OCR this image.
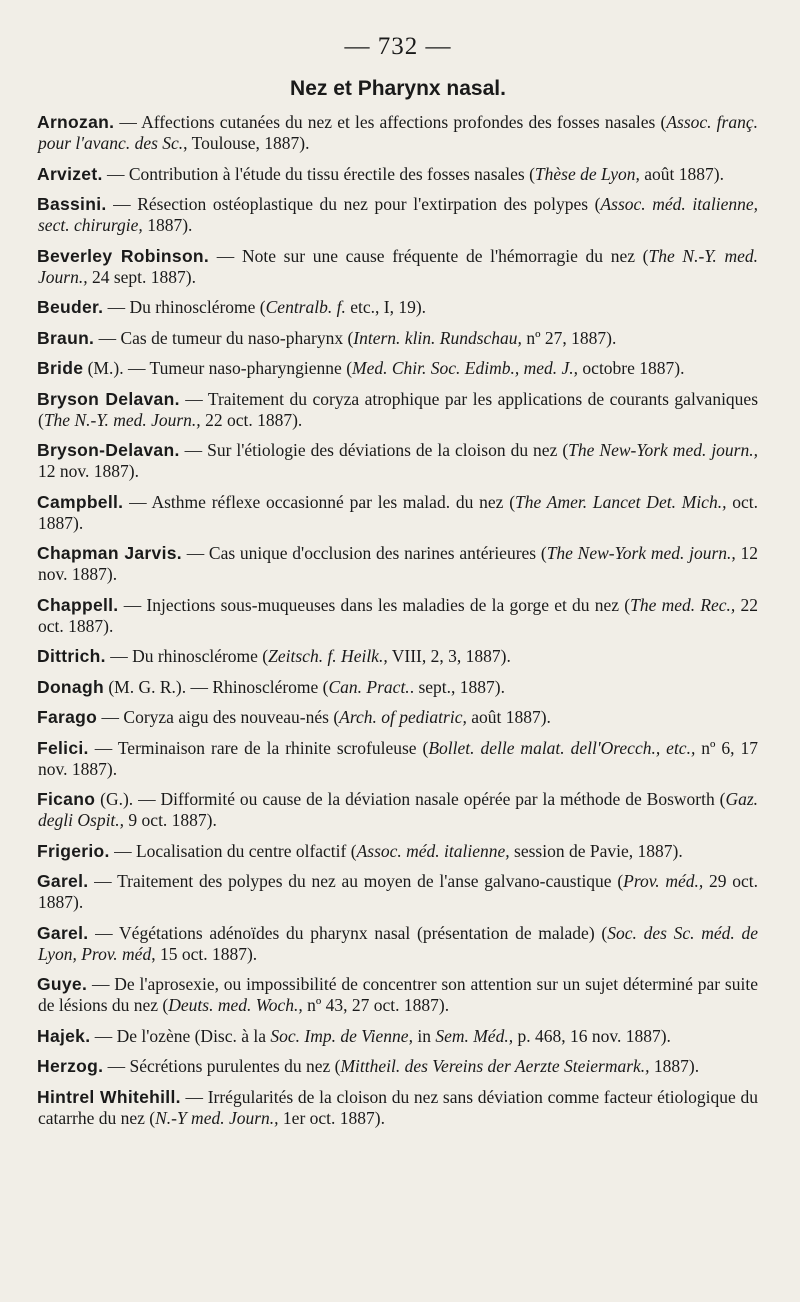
— 732 —
Nez et Pharynx nasal.
Arnozan. — Affections cutanées du nez et les affections profondes des fosses nasales (Assoc. franç. pour l'avanc. des Sc., Toulouse, 1887).
Arvizet. — Contribution à l'étude du tissu érectile des fosses nasales (Thèse de Lyon, août 1887).
Bassini. — Résection ostéoplastique du nez pour l'extirpation des polypes (Assoc. méd. italienne, sect. chirurgie, 1887).
Beverley Robinson. — Note sur une cause fréquente de l'hémorragie du nez (The N.-Y. med. Journ., 24 sept. 1887).
Beuder. — Du rhinosclérome (Centralb. f. etc., I, 19).
Braun. — Cas de tumeur du naso-pharynx (Intern. klin. Rundschau, nº 27, 1887).
Bride (M.). — Tumeur naso-pharyngienne (Med. Chir. Soc. Edimb., med. J., octobre 1887).
Bryson Delavan. — Traitement du coryza atrophique par les applications de courants galvaniques (The N.-Y. med. Journ., 22 oct. 1887).
Bryson-Delavan. — Sur l'étiologie des déviations de la cloison du nez (The New-York med. journ., 12 nov. 1887).
Campbell. — Asthme réflexe occasionné par les malad. du nez (The Amer. Lancet Det. Mich., oct. 1887).
Chapman Jarvis. — Cas unique d'occlusion des narines antérieures (The New-York med. journ., 12 nov. 1887).
Chappell. — Injections sous-muqueuses dans les maladies de la gorge et du nez (The med. Rec., 22 oct. 1887).
Dittrich. — Du rhinosclérome (Zeitsch. f. Heilk., VIII, 2, 3, 1887).
Donagh (M. G. R.). — Rhinosclérome (Can. Pract.. sept., 1887).
Farago — Coryza aigu des nouveau-nés (Arch. of pediatric, août 1887).
Felici. — Terminaison rare de la rhinite scrofuleuse (Bollet. delle malat. dell'Orecch., etc., nº 6, 17 nov. 1887).
Ficano (G.). — Difformité ou cause de la déviation nasale opérée par la méthode de Bosworth (Gaz. degli Ospit., 9 oct. 1887).
Frigerio. — Localisation du centre olfactif (Assoc. méd. italienne, session de Pavie, 1887).
Garel. — Traitement des polypes du nez au moyen de l'anse galvano-caustique (Prov. méd., 29 oct. 1887).
Garel. — Végétations adénoïdes du pharynx nasal (présentation de malade) (Soc. des Sc. méd. de Lyon, Prov. méd, 15 oct. 1887).
Guye. — De l'aprosexie, ou impossibilité de concentrer son attention sur un sujet déterminé par suite de lésions du nez (Deuts. med. Woch., nº 43, 27 oct. 1887).
Hajek. — De l'ozène (Disc. à la Soc. Imp. de Vienne, in Sem. Méd., p. 468, 16 nov. 1887).
Herzog. — Sécrétions purulentes du nez (Mittheil. des Vereins der Aerzte Steiermark., 1887).
Hintrel Whitehill. — Irrégularités de la cloison du nez sans déviation comme facteur étiologique du catarrhe du nez (N.-Y med. Journ., 1er oct. 1887).
